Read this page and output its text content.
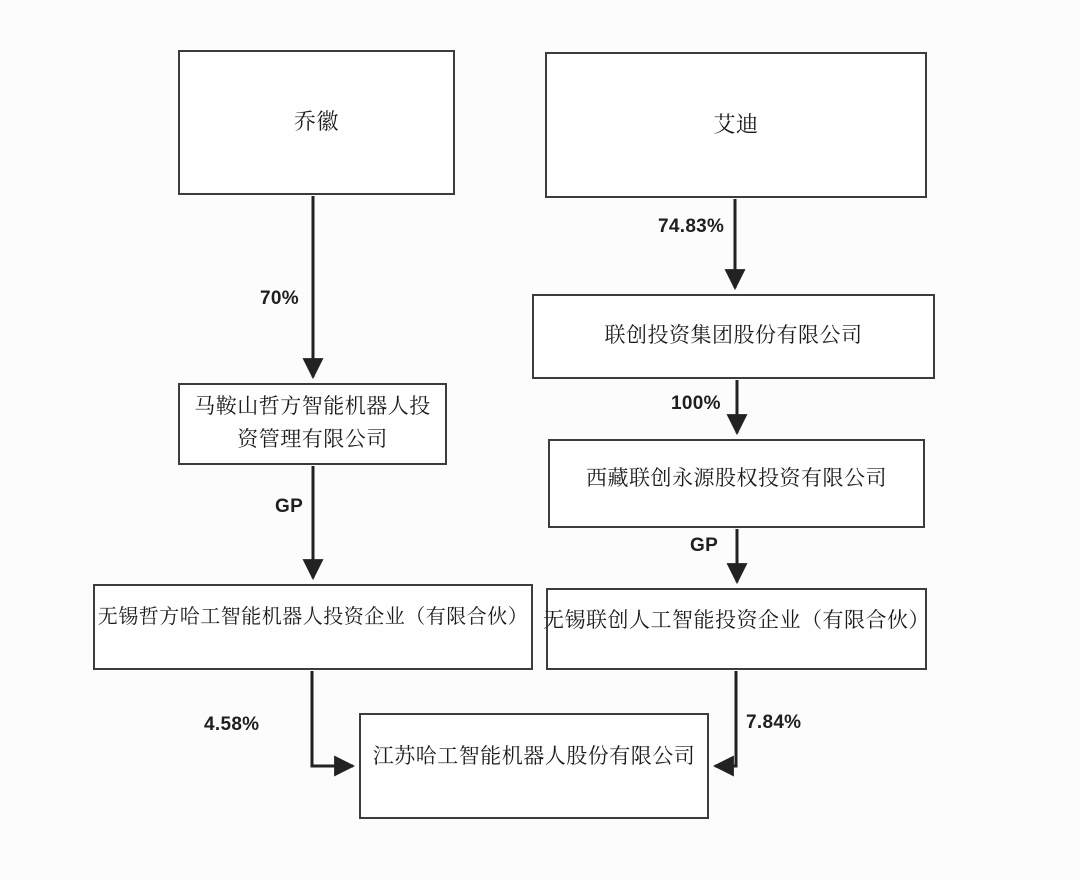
乔徽	艾迪
马鞍山哲方智能机器人投资管理有限公司
联创投资集团股份有限公司
西藏联创永源股权投资有限公司
无锡哲方哈工智能机器人投资企业（有限合伙） 无锡联创人工智能投资企业（有限合伙）
江苏哈工智能机器人股份有限公司
70%
74.83%
100%
GP
GP
4.58%	7.84%
